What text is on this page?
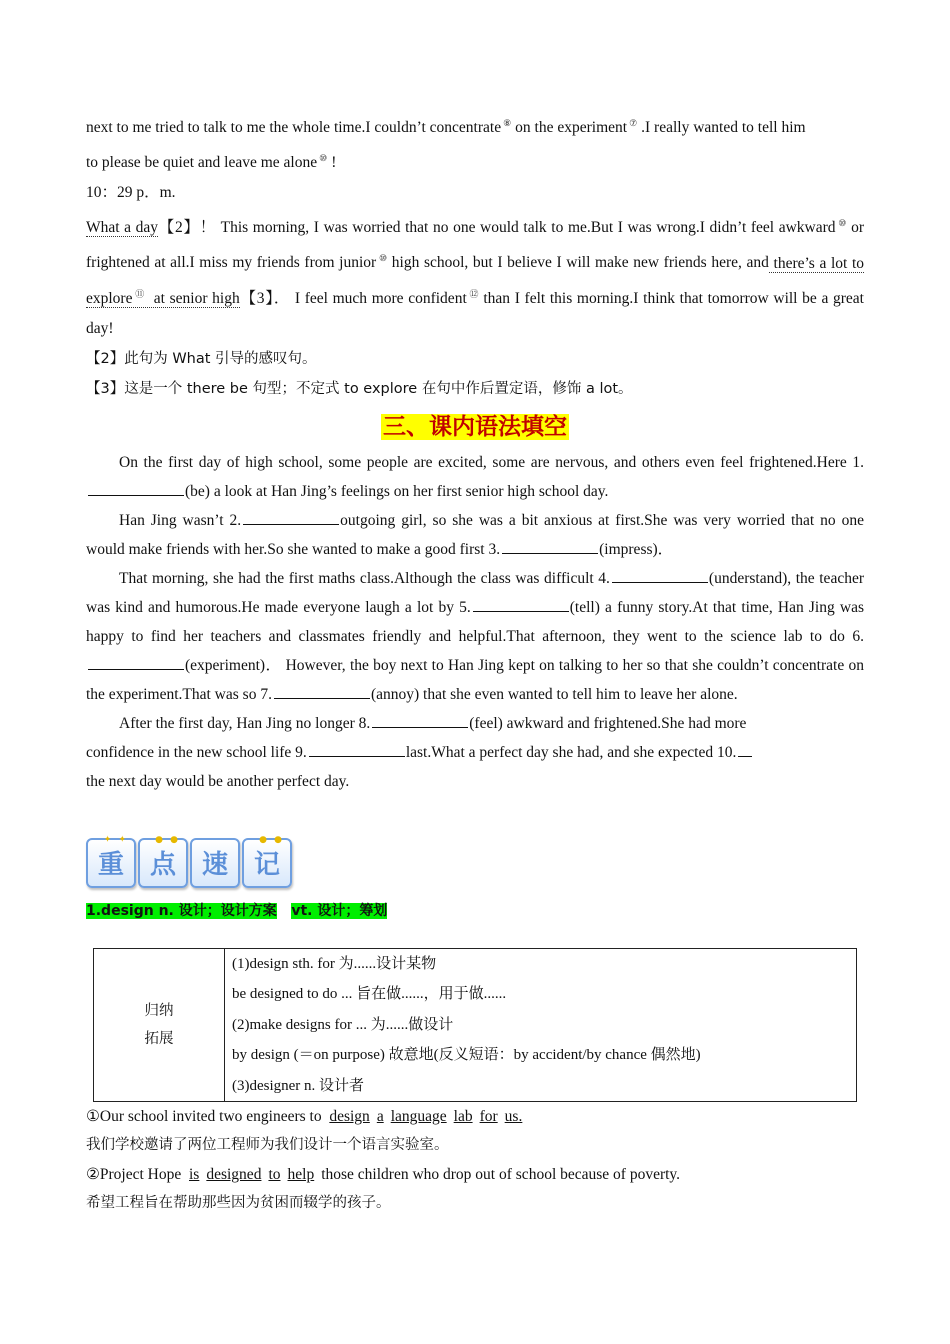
next to me tried to talk to me the whole time.I couldn’t concentrate ⑧ on the experiment ⑦ .I really wanted to tell him

to please be quiet and leave me alone ⑩ !

10：29 p．m.

What a day【2】！ This morning, I was worried that no one would talk to me.But I was wrong.I didn’t feel awkward ⑩ or frightened at all.I miss my friends from junior ⑩ high school, but I believe I will make new friends here, and there’s a lot to explore ⑪ at senior high【3】． I feel much more confident ⑫ than I felt this morning.I think that tomorrow will be a great day!

【2】此句为 What 引导的感叹句。

【3】这是一个 there be 句型；不定式 to explore 在句中作后置定语，修饰 a lot。

三、课内语法填空

On the first day of high school, some people are excited, some are nervous, and others even feel frightened.Here 1.(be) a look at Han Jing’s feelings on her first senior high school day.

Han Jing wasn’t 2.	outgoing girl, so she was a bit anxious at first.She was very worried that no one would make friends with her.So she wanted to make a good first 3.	(impress)．

That morning, she had the first maths class.Although the class was difficult 4.	(understand), the teacher was kind and humorous.He made everyone laugh a lot by 5.	(tell) a funny story.At that time, Han Jing was happy to find her teachers and classmates friendly and helpful.That afternoon, they went to the science lab to do 6.(experiment)． However, the boy next to Han Jing kept on talking to her so that she couldn’t concentrate on the experiment.That was so 7.	(annoy) that she even wanted to tell him to leave her alone.

After the first day, Han Jing no longer 8.	(feel) awkward and frightened.She had more

confidence in the new school life 9.	last.What a perfect day she had, and she expected 10.

the next day would be another perfect day.

✦ ✦
重
● ●
点 速
● ●
记

1.design n. 设计；设计方案 vt. 设计；筹划

归纳
拓展

(1)design sth. for 为......设计某物

be designed to do ... 旨在做......，用于做......

(2)make designs for ... 为......做设计

by design (＝on purpose) 故意地(反义短语：by accident/by chance 偶然地)

(3)designer n. 设计者

①Our school invited two engineers to design a language lab for us.

我们学校邀请了两位工程师为我们设计一个语言实验室。

②Project Hope is designed to help those children who drop out of school because of poverty.

希望工程旨在帮助那些因为贫困而辍学的孩子。
